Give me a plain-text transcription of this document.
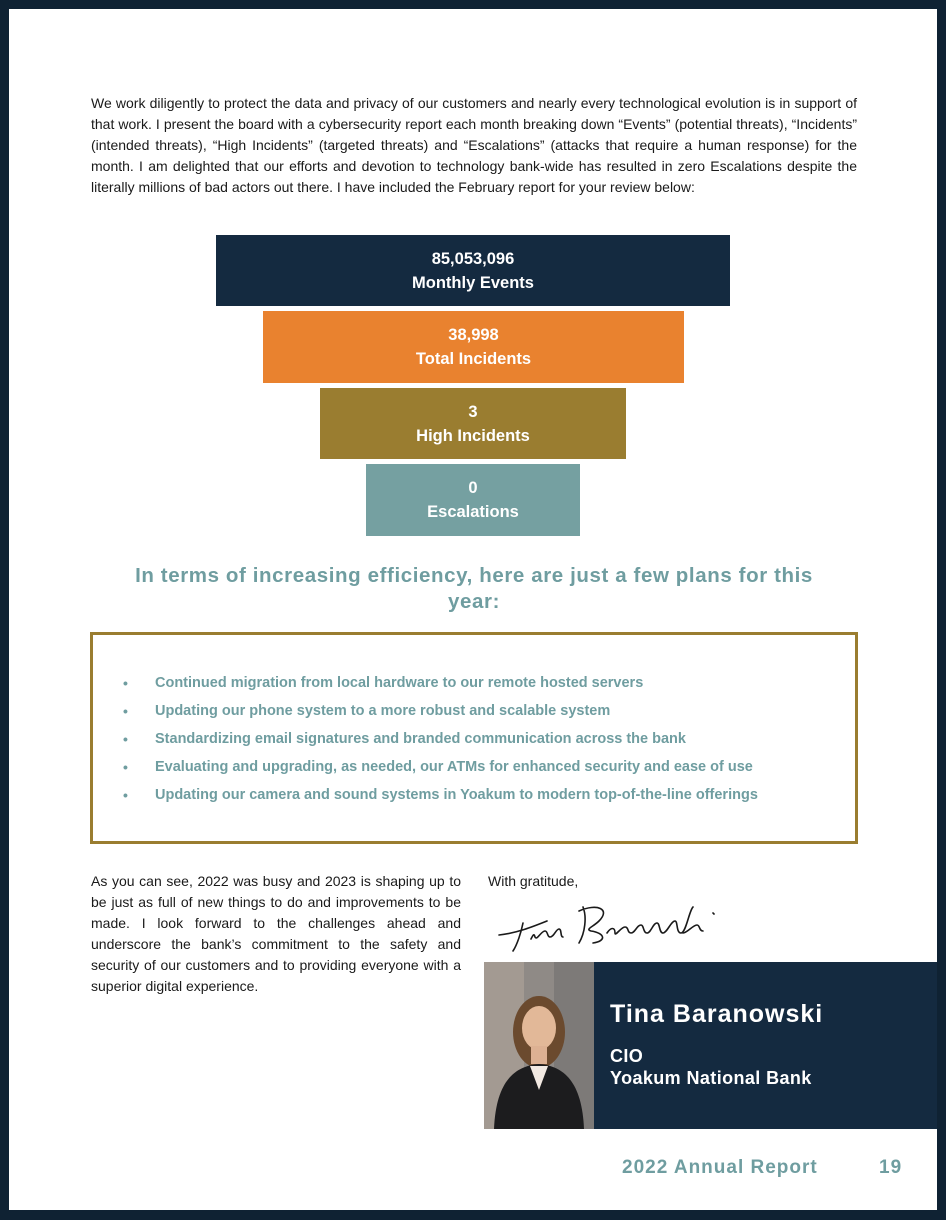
We work diligently to protect the data and privacy of our customers and nearly every technological evolution is in support of that work. I present the board with a cybersecurity report each month breaking down “Events” (potential threats), “Incidents” (intended threats), “High Incidents” (targeted threats) and “Escalations” (attacks that require a human response) for the month. I am delighted that our efforts and devotion to technology bank-wide has resulted in zero Escalations despite the literally millions of bad actors out there. I have included the February report for your review below:

85,053,096
Monthly Events
38,998
Total Incidents
3
High Incidents
0
Escalations
In terms of increasing efficiency, here are just a few plans for this year:
• Continued migration from local hardware to our remote hosted servers
• Updating our phone system to a more robust and scalable system
• Standardizing email signatures and branded communication across the bank
• Evaluating and upgrading, as needed, our ATMs for enhanced security and ease of use
• Updating our camera and sound systems in Yoakum to modern top-of-the-line offerings

As you can see, 2022 was busy and 2023 is shaping up to be just as full of new things to do and improvements to be made. I look forward to the challenges ahead and underscore the bank’s commitment to the safety and security of our customers and to providing everyone with a superior digital experience.

With gratitude,
Tina Baranowski
CIO
Yoakum National Bank
2022 Annual Report	19
